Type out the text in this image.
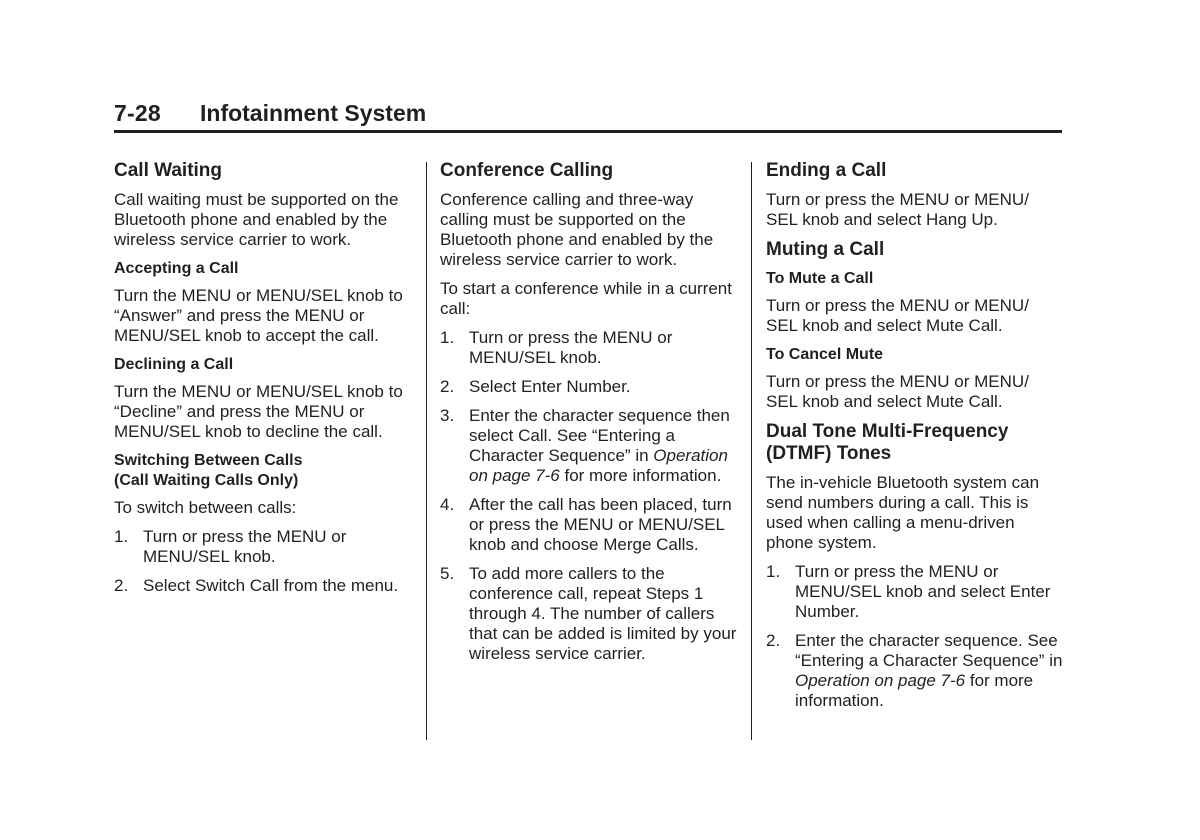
7-28 Infotainment System
Call Waiting

Call waiting must be supported on the Bluetooth phone and enabled by the wireless service carrier to work.

Accepting a Call

Turn the MENU or MENU/SEL knob to “Answer” and press the MENU or MENU/SEL knob to accept the call.

Declining a Call

Turn the MENU or MENU/SEL knob to “Decline” and press the MENU or MENU/SEL knob to decline the call.

Switching Between Calls
(Call Waiting Calls Only)

To switch between calls:

1. Turn or press the MENU or MENU/SEL knob.
2. Select Switch Call from the menu.
Conference Calling

Conference calling and three-way calling must be supported on the Bluetooth phone and enabled by the wireless service carrier to work.

To start a conference while in a current call:

1. Turn or press the MENU or MENU/SEL knob.
2. Select Enter Number.
3. Enter the character sequence then select Call. See “Entering a Character Sequence” in Operation on page 7-6 for more information.
4. After the call has been placed, turn or press the MENU or MENU/SEL knob and choose Merge Calls.
5. To add more callers to the conference call, repeat Steps 1 through 4. The number of callers that can be added is limited by your wireless service carrier.
Ending a Call

Turn or press the MENU or MENU/ SEL knob and select Hang Up.

Muting a Call
To Mute a Call

Turn or press the MENU or MENU/ SEL knob and select Mute Call.

To Cancel Mute

Turn or press the MENU or MENU/ SEL knob and select Mute Call.

Dual Tone Multi-Frequency (DTMF) Tones

The in-vehicle Bluetooth system can send numbers during a call. This is used when calling a menu-driven phone system.

1. Turn or press the MENU or MENU/SEL knob and select Enter Number.
2. Enter the character sequence. See “Entering a Character Sequence” in Operation on page 7-6 for more information.
